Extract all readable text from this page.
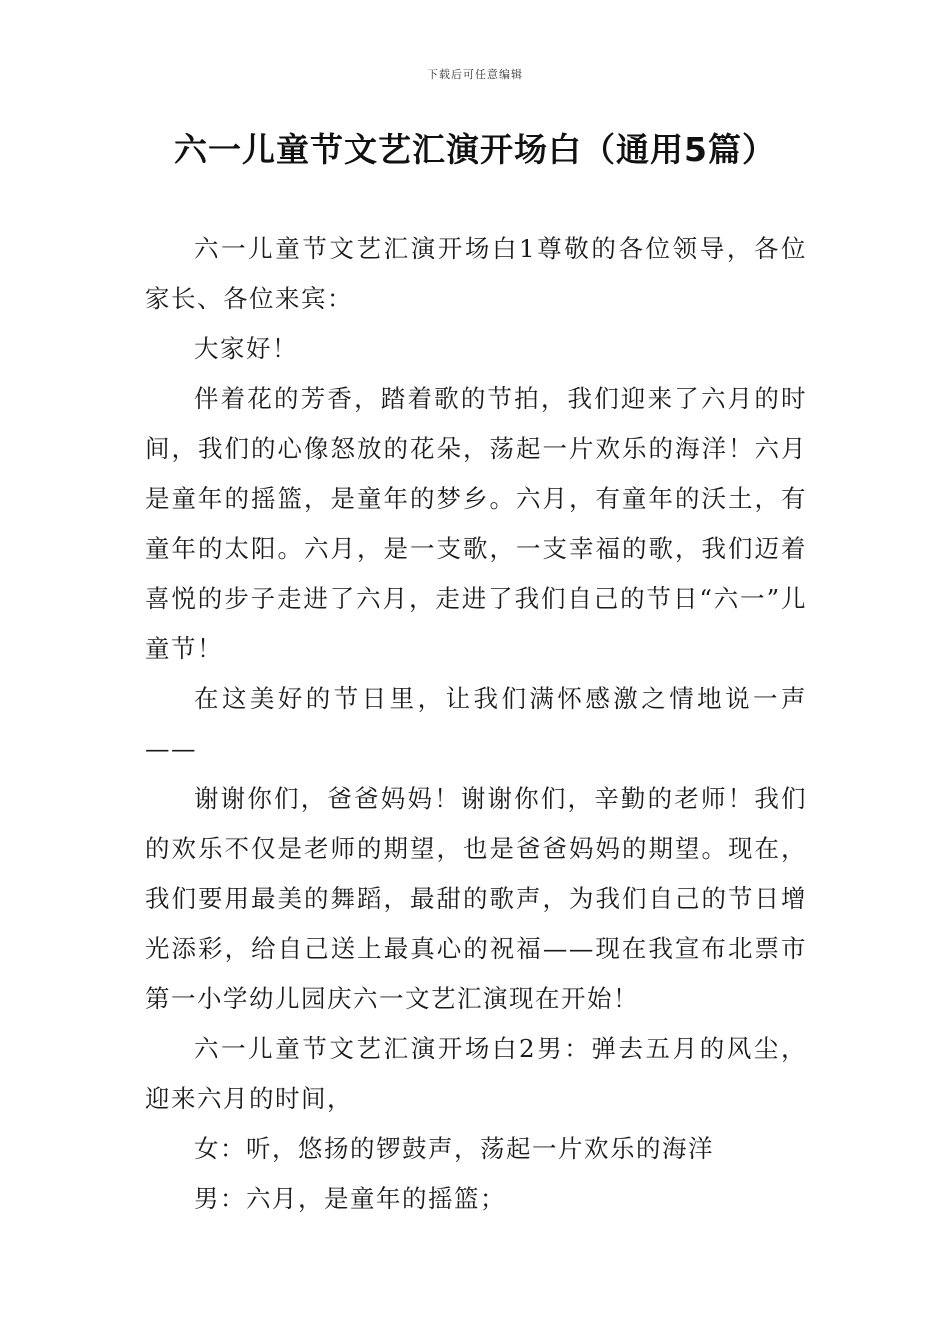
下载后可任意编辑
六一儿童节文艺汇演开场白（通用5篇）

六一儿童节文艺汇演开场白1尊敬的各位领导，各位家长、各位来宾：

大家好！

伴着花的芳香，踏着歌的节拍，我们迎来了六月的时间，我们的心像怒放的花朵，荡起一片欢乐的海洋！六月是童年的摇篮，是童年的梦乡。六月，有童年的沃土，有童年的太阳。六月，是一支歌，一支幸福的歌，我们迈着喜悦的步子走进了六月，走进了我们自己的节日“六一”儿童节！

在这美好的节日里，让我们满怀感激之情地说一声——

谢谢你们，爸爸妈妈！谢谢你们，辛勤的老师！我们的欢乐不仅是老师的期望，也是爸爸妈妈的期望。现在，我们要用最美的舞蹈，最甜的歌声，为我们自己的节日增光添彩，给自己送上最真心的祝福——现在我宣布北票市第一小学幼儿园庆六一文艺汇演现在开始！

六一儿童节文艺汇演开场白2男：弹去五月的风尘，迎来六月的时间，

女：听，悠扬的锣鼓声，荡起一片欢乐的海洋

男：六月，是童年的摇篮；
